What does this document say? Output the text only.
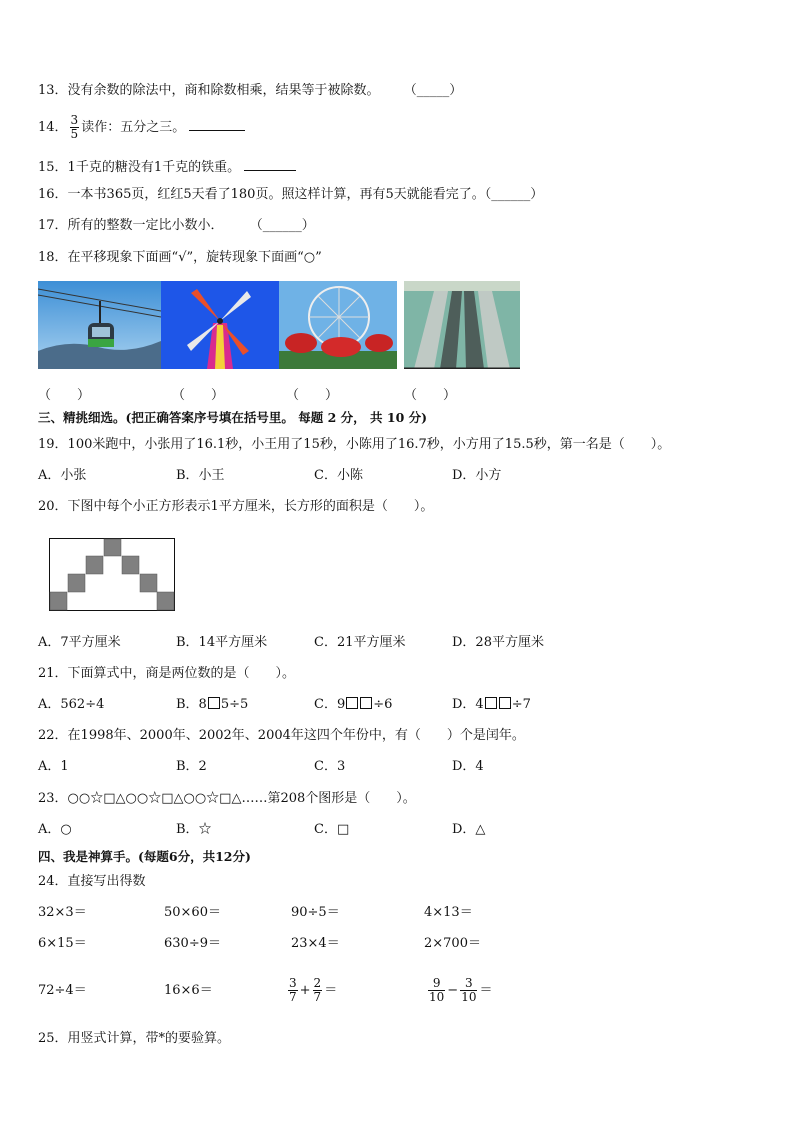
13．没有余数的除法中，商和除数相乘，结果等于被除数。 （_____）
14． $\frac{3}{5}$ 读作：五分之三。
15．1千克的糖没有1千克的铁重。
16．一本书365页，红红5天看了180页。照这样计算，再有5天就能看完了。（______）
17．所有的整数一定比小数小． （______）
18．在平移现象下面画“√”，旋转现象下面画“○”
（　　）	（　　）	（　　）	（　　）
三、精挑细选。(把正确答案序号填在括号里。 每题 2 分， 共 10 分)
19．100米跑中，小张用了16.1秒，小王用了15秒，小陈用了16.7秒，小方用了15.5秒，第一名是（　　）。
A．小张	B．小王	C．小陈	D．小方
20．下图中每个小正方形表示1平方厘米，长方形的面积是（　　）。
A．7平方厘米	B．14平方厘米	C．21平方厘米	D．28平方厘米
21．下面算式中，商是两位数的是（　　）。
A．562÷4	B．8 5÷5	C．9 ÷6	D．4 ÷7
22．在1998年、2000年、2002年、2004年这四个年份中，有（　　）个是闰年。
A．1	B．2	C．3	D．4
23．○○☆□△○○☆□△○○☆□△……第208个图形是（　　）。
A．○	B．☆	C．□	D．△
四、我是神算手。(每题6分，共12分)
24．直接写出得数
32×3＝	50×60＝	90÷5＝	4×13＝
6×15＝	630÷9＝	23×4＝	2×700＝
72÷4＝	16×6＝	$\frac{3}{7} + \frac{2}{7}$ ＝	$\frac{9}{10} - \frac{3}{10}$ ＝
25．用竖式计算，带*的要验算。
